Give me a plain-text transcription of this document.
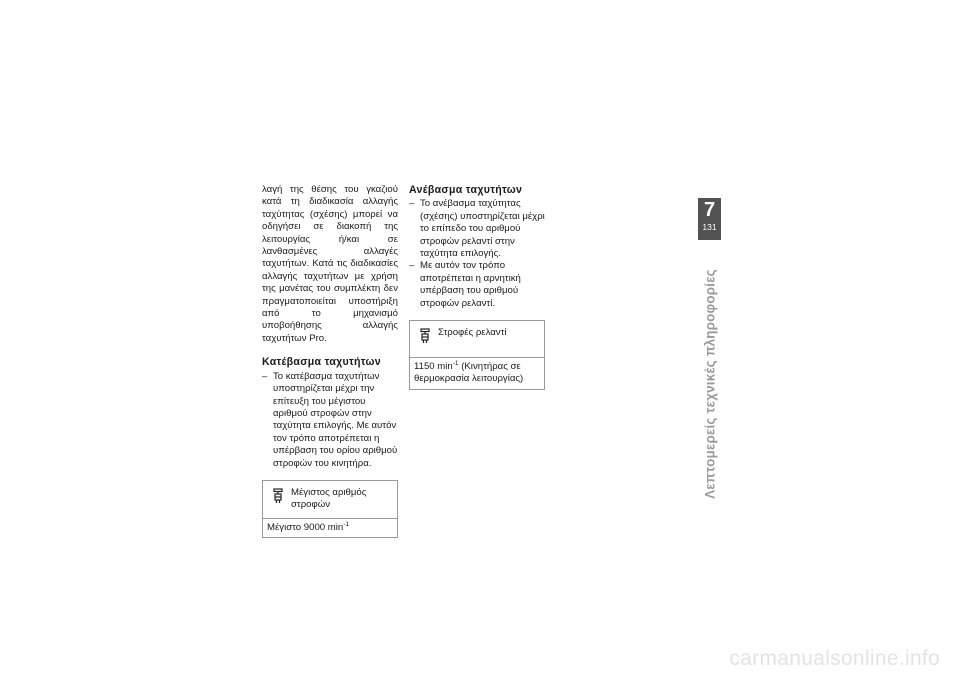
λαγή της θέσης του γκαζιού κατά τη διαδικασία αλλαγής ταχύτητας (σχέσης) μπορεί να οδηγήσει σε διακοπή της λειτουργίας ή/και σε λανθασμένες αλλαγές ταχυτήτων. Κατά τις διαδικασίες αλλαγής ταχυτήτων με χρήση της μανέτας του συμπλέκτη δεν πραγματοποιείται υποστήριξη από το μηχανισμό υποβοήθησης αλλαγής ταχυτήτων Pro.

Κατέβασμα ταχυτήτων
– Το κατέβασμα ταχυτήτων υποστηρίζεται μέχρι την επίτευξη του μέγιστου αριθμού στροφών στην ταχύτητα επιλογής. Με αυτόν τον τρόπο αποτρέπεται η υπέρβαση του ορίου αριθμού στροφών του κινητήρα.
Μέγιστος αριθμός στροφών
Μέγιστο 9000 $\min^{-1}$
Ανέβασμα ταχυτήτων
– Το ανέβασμα ταχύτητας (σχέσης) υποστηρίζεται μέχρι το επίπεδο του αριθμού στροφών ρελαντί στην ταχύτητα επιλογής.
– Με αυτόν τον τρόπο αποτρέπεται η αρνητική υπέρβαση του αριθμού στροφών ρελαντί.
Στροφές ρελαντί
1150 $\min^{-1} (K\iota\nu\eta\tau ή\rho\alpha\varsigma$ σε θερμοκρασία λειτουργίας)
7
131
Λεπτομερείς τεχνικές πληροφορίες
carmanualsonline.info
